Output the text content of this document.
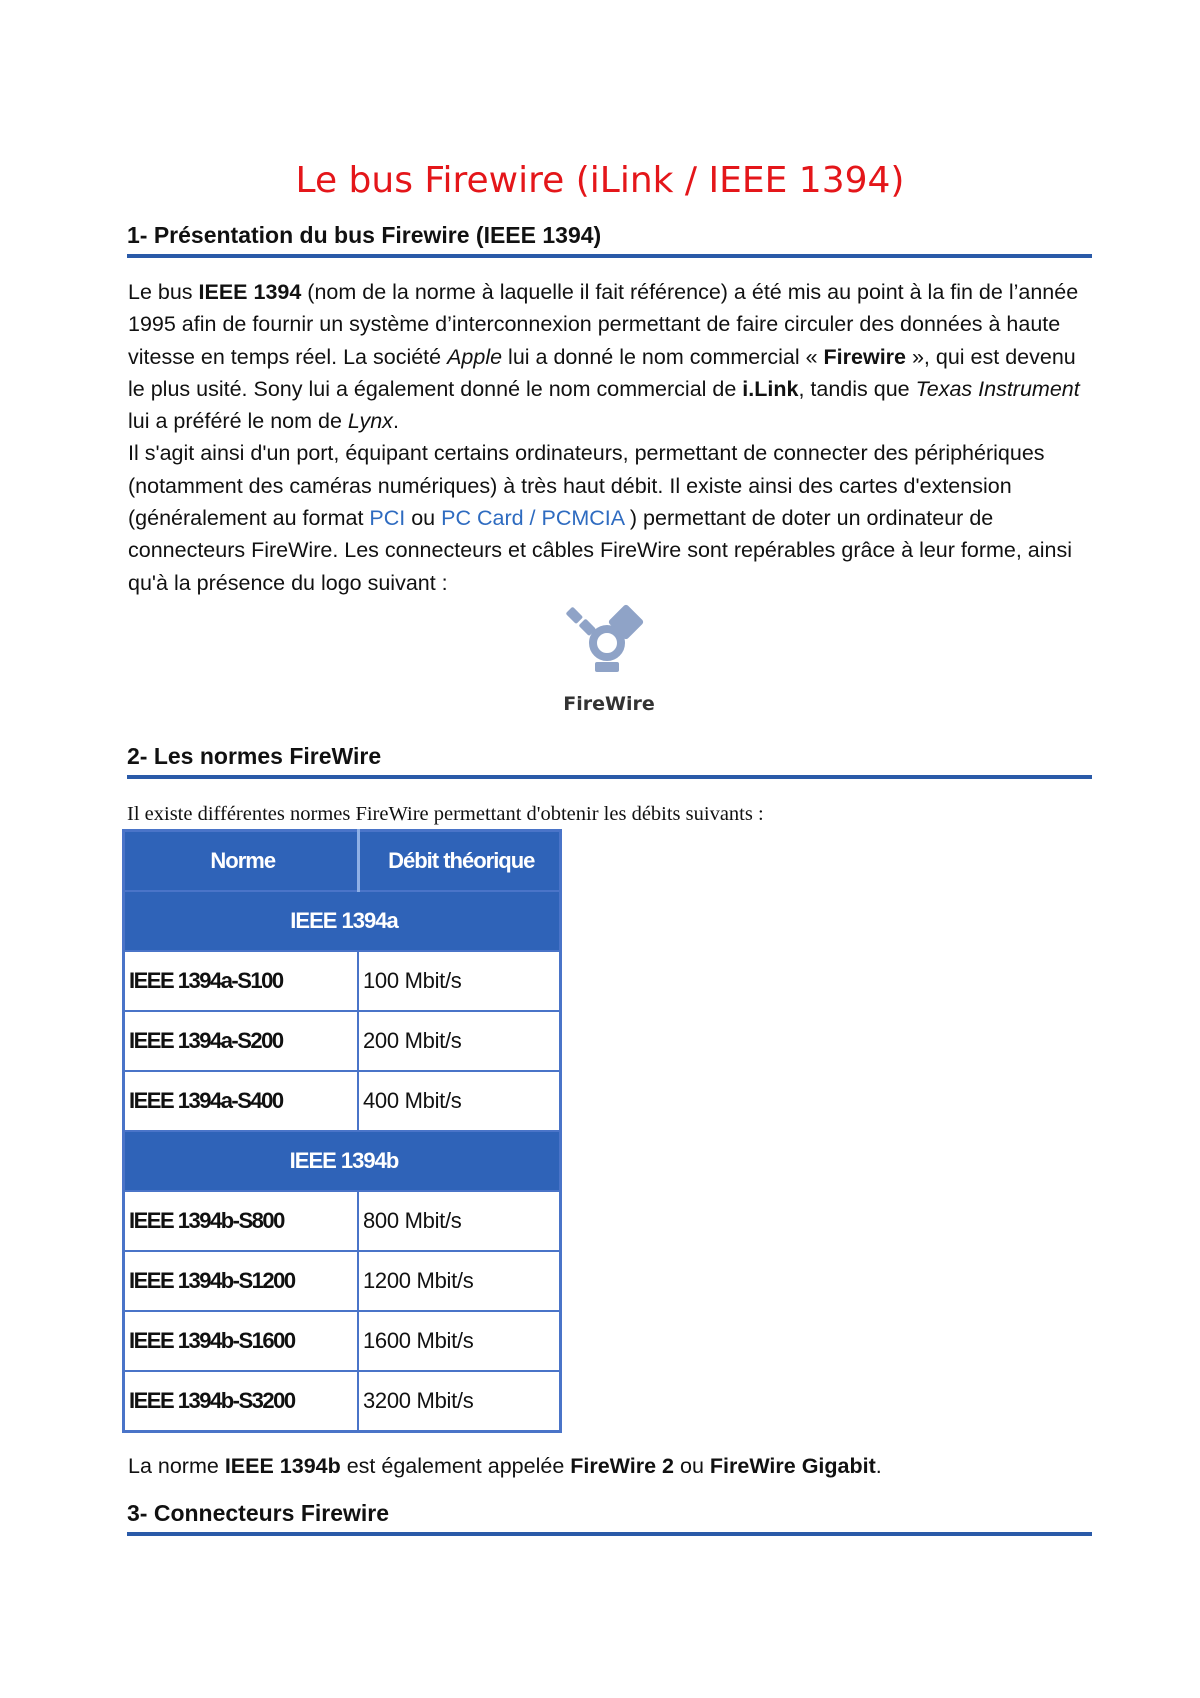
Le bus Firewire (iLink / IEEE 1394)
1- Présentation du bus Firewire (IEEE 1394)

Le bus IEEE 1394 (nom de la norme à laquelle il fait référence) a été mis au point à la fin de l’année 1995 afin de fournir un système d’interconnexion permettant de faire circuler des données à haute vitesse en temps réel. La société Apple lui a donné le nom commercial « Firewire », qui est devenu le plus usité. Sony lui a également donné le nom commercial de i.Link, tandis que Texas Instrument lui a préféré le nom de Lynx.
Il s'agit ainsi d'un port, équipant certains ordinateurs, permettant de connecter des périphériques (notamment des caméras numériques) à très haut débit. Il existe ainsi des cartes d'extension (généralement au format PCI ou PC Card / PCMCIA ) permettant de doter un ordinateur de connecteurs FireWire. Les connecteurs et câbles FireWire sont repérables grâce à leur forme, ainsi qu'à la présence du logo suivant :

FireWire
2- Les normes FireWire

Il existe différentes normes FireWire permettant d'obtenir les débits suivants :

Norme	Débit théorique
IEEE 1394a	
IEEE 1394a-S100	100 Mbit/s
IEEE 1394a-S200	200 Mbit/s
IEEE 1394a-S400	400 Mbit/s
IEEE 1394b	
IEEE 1394b-S800	800 Mbit/s
IEEE 1394b-S1200	1200 Mbit/s
IEEE 1394b-S1600	1600 Mbit/s
IEEE 1394b-S3200	3200 Mbit/s

La norme IEEE 1394b est également appelée FireWire 2 ou FireWire Gigabit.

3- Connecteurs Firewire
